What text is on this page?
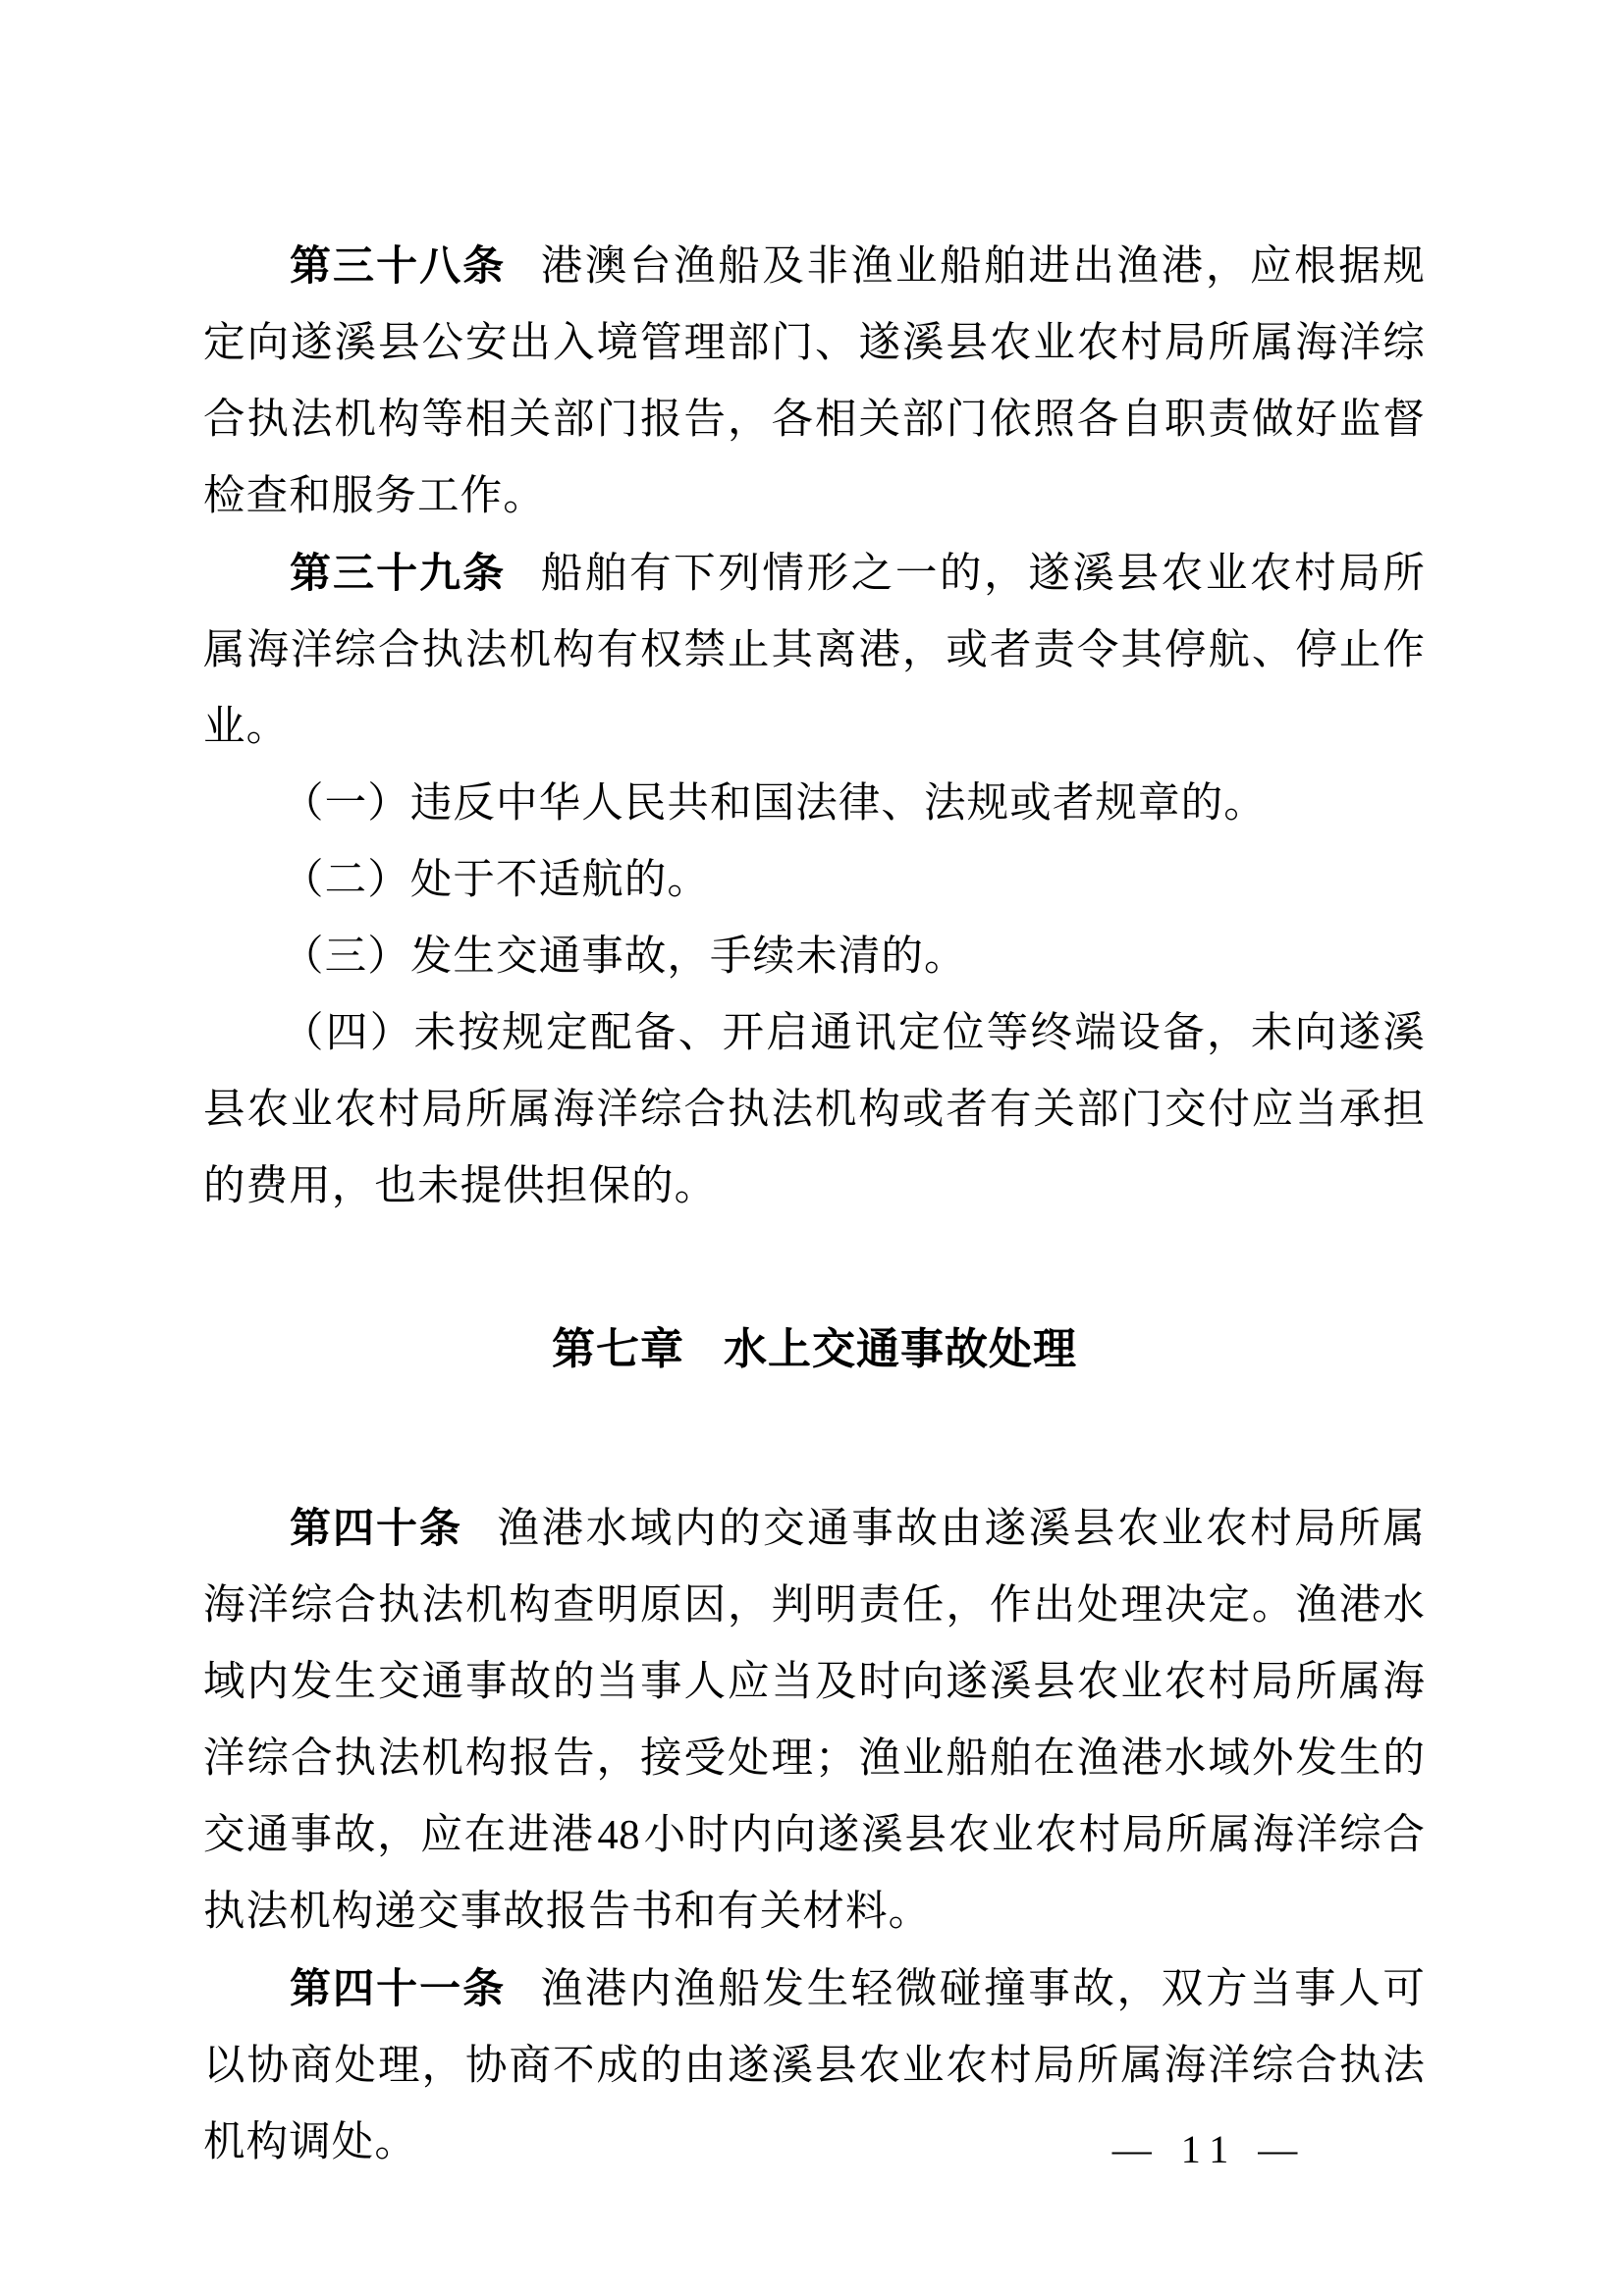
第三十八条 港澳台渔船及非渔业船舶进出渔港，应根据规定向遂溪县公安出入境管理部门、遂溪县农业农村局所属海洋综合执法机构等相关部门报告，各相关部门依照各自职责做好监督检查和服务工作。

第三十九条 船舶有下列情形之一的，遂溪县农业农村局所属海洋综合执法机构有权禁止其离港，或者责令其停航、停止作业。

（一）违反中华人民共和国法律、法规或者规章的。

（二）处于不适航的。

（三）发生交通事故，手续未清的。

（四）未按规定配备、开启通讯定位等终端设备，未向遂溪县农业农村局所属海洋综合执法机构或者有关部门交付应当承担的费用，也未提供担保的。

第七章 水上交通事故处理

第四十条 渔港水域内的交通事故由遂溪县农业农村局所属海洋综合执法机构查明原因，判明责任，作出处理决定。渔港水域内发生交通事故的当事人应当及时向遂溪县农业农村局所属海洋综合执法机构报告，接受处理；渔业船舶在渔港水域外发生的交通事故，应在进港48小时内向遂溪县农业农村局所属海洋综合执法机构递交事故报告书和有关材料。

第四十一条 渔港内渔船发生轻微碰撞事故，双方当事人可以协商处理，协商不成的由遂溪县农业农村局所属海洋综合执法机构调处。	— 11 —
